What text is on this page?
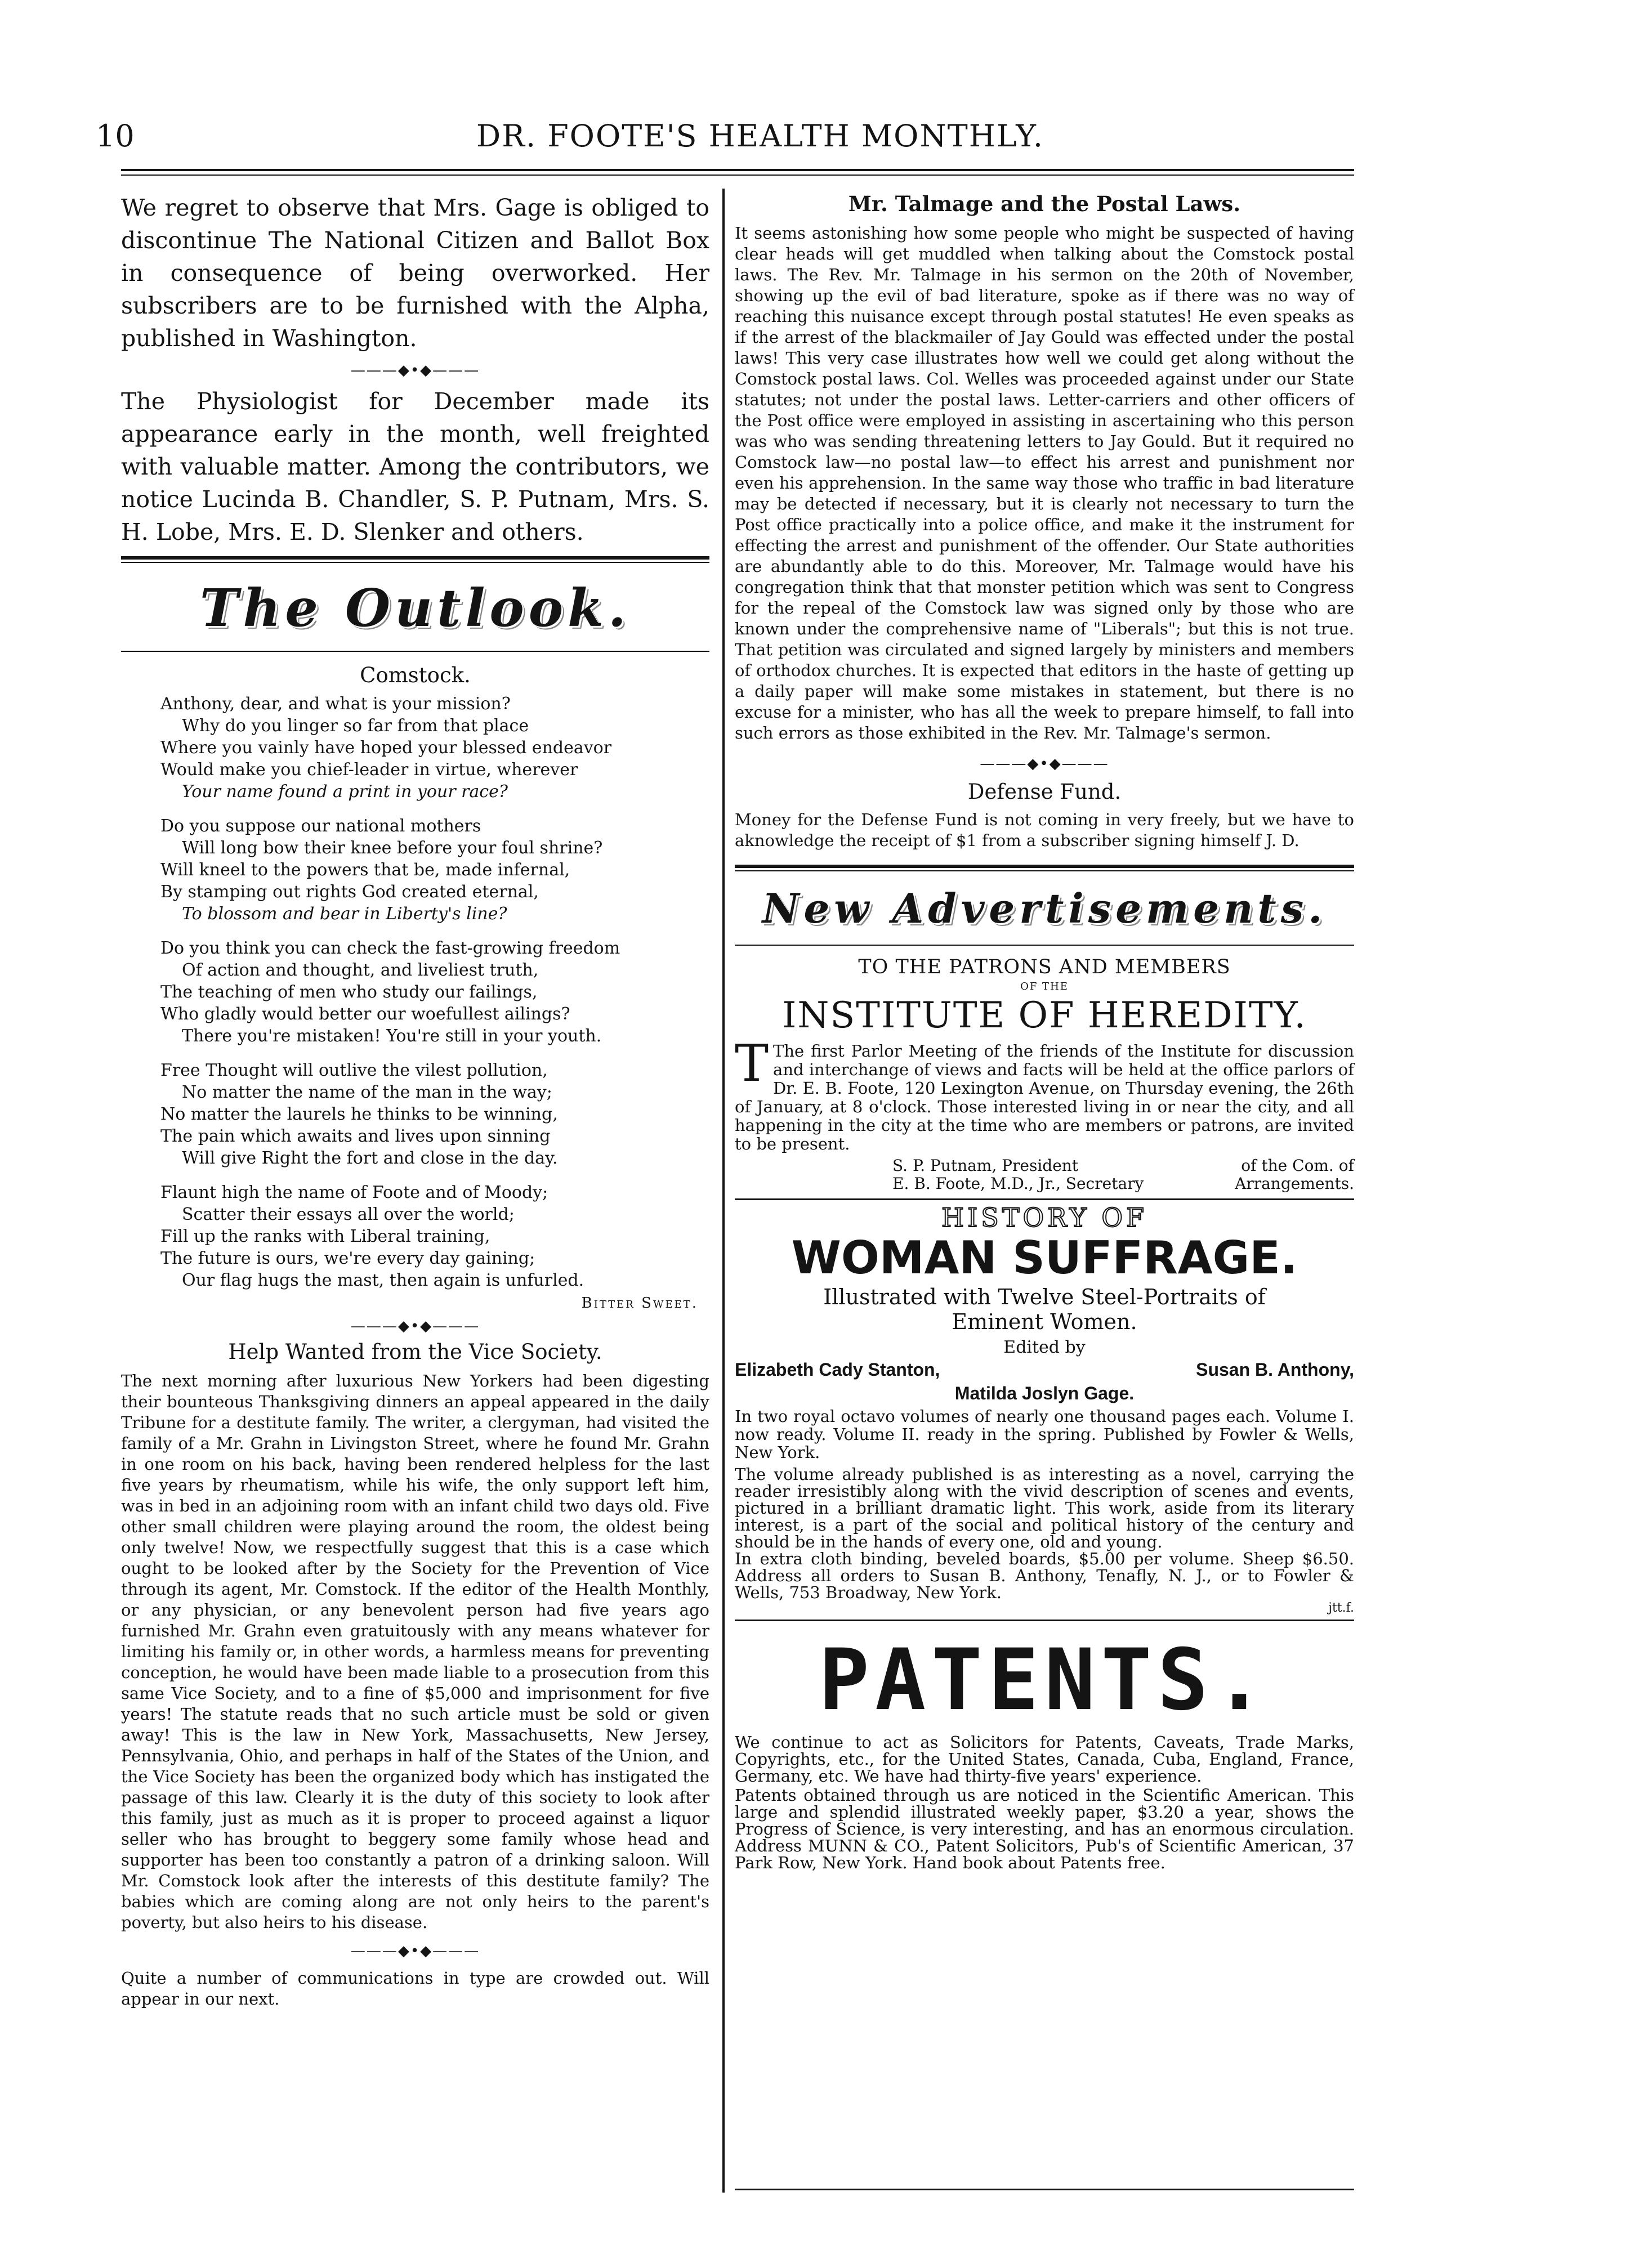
10	DR. FOOTE'S HEALTH MONTHLY.

We regret to observe that Mrs. Gage is obliged to discontinue The National Citizen and Ballot Box in consequence of being overworked. Her subscribers are to be furnished with the Alpha, published in Washington.

———◆•◆———

The Physiologist for December made its appearance early in the month, well freighted with valuable matter. Among the contributors, we notice Lucinda B. Chandler, S. P. Putnam, Mrs. S. H. Lobe, Mrs. E. D. Slenker and others.

The Outlook.

Comstock.

Anthony, dear, and what is your mission?
Why do you linger so far from that place
Where you vainly have hoped your blessed endeavor
Would make you chief-leader in virtue, wherever
Your name found a print in your race?
Do you suppose our national mothers
Will long bow their knee before your foul shrine?
Will kneel to the powers that be, made infernal,
By stamping out rights God created eternal,
To blossom and bear in Liberty's line?
Do you think you can check the fast-growing freedom
Of action and thought, and liveliest truth,
The teaching of men who study our failings,
Who gladly would better our woefullest ailings?
There you're mistaken! You're still in your youth.
Free Thought will outlive the vilest pollution,
No matter the name of the man in the way;
No matter the laurels he thinks to be winning,
The pain which awaits and lives upon sinning
Will give Right the fort and close in the day.
Flaunt high the name of Foote and of Moody;
Scatter their essays all over the world;
Fill up the ranks with Liberal training,
The future is ours, we're every day gaining;
Our flag hugs the mast, then again is unfurled.
Bitter Sweet.
———◆•◆———

Help Wanted from the Vice Society.

The next morning after luxurious New Yorkers had been digesting their bounteous Thanksgiving dinners an appeal appeared in the daily Tribune for a destitute family. The writer, a clergyman, had visited the family of a Mr. Grahn in Livingston Street, where he found Mr. Grahn in one room on his back, having been rendered helpless for the last five years by rheumatism, while his wife, the only support left him, was in bed in an adjoining room with an infant child two days old. Five other small children were playing around the room, the oldest being only twelve! Now, we respectfully suggest that this is a case which ought to be looked after by the Society for the Prevention of Vice through its agent, Mr. Comstock. If the editor of the Health Monthly, or any physician, or any benevolent person had five years ago furnished Mr. Grahn even gratuitously with any means whatever for limiting his family or, in other words, a harmless means for preventing conception, he would have been made liable to a prosecution from this same Vice Society, and to a fine of $5,000 and imprisonment for five years! The statute reads that no such article must be sold or given away! This is the law in New York, Massachusetts, New Jersey, Pennsylvania, Ohio, and perhaps in half of the States of the Union, and the Vice Society has been the organized body which has instigated the passage of this law. Clearly it is the duty of this society to look after this family, just as much as it is proper to proceed against a liquor seller who has brought to beggery some family whose head and supporter has been too constantly a patron of a drinking saloon. Will Mr. Comstock look after the interests of this destitute family? The babies which are coming along are not only heirs to the parent's poverty, but also heirs to his disease.

———◆•◆———

Quite a number of communications in type are crowded out. Will appear in our next.

Mr. Talmage and the Postal Laws.

It seems astonishing how some people who might be suspected of having clear heads will get muddled when talking about the Comstock postal laws. The Rev. Mr. Talmage in his sermon on the 20th of November, showing up the evil of bad literature, spoke as if there was no way of reaching this nuisance except through postal statutes! He even speaks as if the arrest of the blackmailer of Jay Gould was effected under the postal laws! This very case illustrates how well we could get along without the Comstock postal laws. Col. Welles was proceeded against under our State statutes; not under the postal laws. Letter-carriers and other officers of the Post office were employed in assisting in ascertaining who this person was who was sending threatening letters to Jay Gould. But it required no Comstock law—no postal law—to effect his arrest and punishment nor even his apprehension. In the same way those who traffic in bad literature may be detected if necessary, but it is clearly not necessary to turn the Post office practically into a police office, and make it the instrument for effecting the arrest and punishment of the offender. Our State authorities are abundantly able to do this. Moreover, Mr. Talmage would have his congregation think that that monster petition which was sent to Congress for the repeal of the Comstock law was signed only by those who are known under the comprehensive name of "Liberals"; but this is not true. That petition was circulated and signed largely by ministers and members of orthodox churches. It is expected that editors in the haste of getting up a daily paper will make some mistakes in statement, but there is no excuse for a minister, who has all the week to prepare himself, to fall into such errors as those exhibited in the Rev. Mr. Talmage's sermon.

———◆•◆———

Defense Fund.

Money for the Defense Fund is not coming in very freely, but we have to aknowledge the receipt of $1 from a subscriber signing himself J. D.

New Advertisements.

TO THE PATRONS AND MEMBERS

OF THE

INSTITUTE OF HEREDITY.

T The first Parlor Meeting of the friends of the Institute for discussion and interchange of views and facts will be held at the office parlors of Dr. E. B. Foote, 120 Lexington Avenue, on Thursday evening, the 26th of January, at 8 o'clock. Those interested living in or near the city, and all happening in the city at the time who are members or patrons, are invited to be present.

S. P. Putnam, President
E. B. Foote, M.D., Jr., Secretary
of the Com. of
Arrangements.

HISTORY OF

WOMAN SUFFRAGE.

Illustrated with Twelve Steel-Portraits of

Eminent Women.

Edited by

Elizabeth Cady Stanton,	Susan B. Anthony,

Matilda Joslyn Gage.

In two royal octavo volumes of nearly one thousand pages each. Volume I. now ready. Volume II. ready in the spring. Published by Fowler & Wells, New York.

The volume already published is as interesting as a novel, carrying the reader irresistibly along with the vivid description of scenes and events, pictured in a brilliant dramatic light. This work, aside from its literary interest, is a part of the social and political history of the century and should be in the hands of every one, old and young.

In extra cloth binding, beveled boards, $5.00 per volume. Sheep $6.50. Address all orders to Susan B. Anthony, Tenafly, N. J., or to Fowler & Wells, 753 Broadway, New York.

jtt.f.

PATENTS.

We continue to act as Solicitors for Patents, Caveats, Trade Marks, Copyrights, etc., for the United States, Canada, Cuba, England, France, Germany, etc. We have had thirty-five years' experience.

Patents obtained through us are noticed in the Scientific American. This large and splendid illustrated weekly paper, $3.20 a year, shows the Progress of Science, is very interesting, and has an enormous circulation. Address MUNN & CO., Patent Solicitors, Pub's of Scientific American, 37 Park Row, New York. Hand book about Patents free.
